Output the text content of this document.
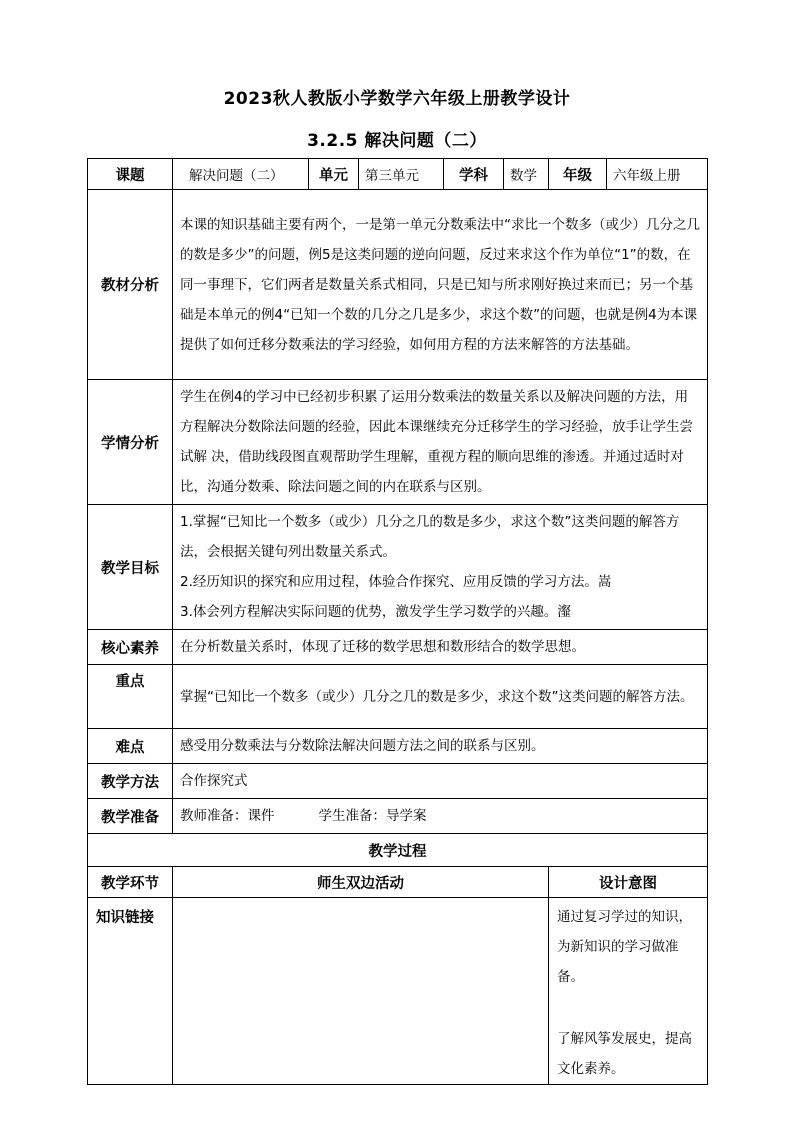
2023秋人教版小学数学六年级上册教学设计
3.2.5 解决问题（二）
课题	解决问题（二）	单元	第三单元	学科	数学	年级	六年级上册
教材分析	本课的知识基础主要有两个，一是第一单元分数乘法中“求比一个数多（或少）几分之几的数是多少”的问题，例5是这类问题的逆向问题，反过来求这个作为单位“1”的数，在同一事理下，它们两者是数量关系式相同，只是已知与所求刚好换过来而已；另一个基础是本单元的例4“已知一个数的几分之几是多少，求这个数”的问题，也就是例4为本课提供了如何迁移分数乘法的学习经验，如何用方程的方法来解答的方法基础。						

学情分析	学生在例4的学习中已经初步积累了运用分数乘法的数量关系以及解决问题的方法，用 方程解决分数除法问题的经验，因此本课继续充分迁移学生的学习经验，放手让学生尝试解 决，借助线段图直观帮助学生理解，重视方程的顺向思维的渗透。并通过适时对比，沟通分数乘、除法问题之间的内在联系与区别。						

教学目标	1.掌握“已知比一个数多（或少）几分之几的数是多少，求这个数”这类问题的解答方法，会根据关键句列出数量关系式。

2.经历知识的探究和应用过程，体验合作探究、应用反馈的学习方法。嵩

3.体会列方程解决实际问题的优势，激发学生学习数学的兴趣。瀣						

核心素养	在分析数量关系时，体现了迁移的数学思想和数形结合的数学思想。						
重点	掌握“已知比一个数多（或少）几分之几的数是多少，求这个数”这类问题的解答方法。						

难点	感受用分数乘法与分数除法解决问题方法之间的联系与区别。						
教学方法	合作探究式						
教学准备	教师准备：课件 学生准备：导学案						
教学过程							
教学环节	师生双边活动					设计意图	
知识链接						通过复习学过的知识，为新知识的学习做准备。

了解风筝发展史，提高文化素养。	
